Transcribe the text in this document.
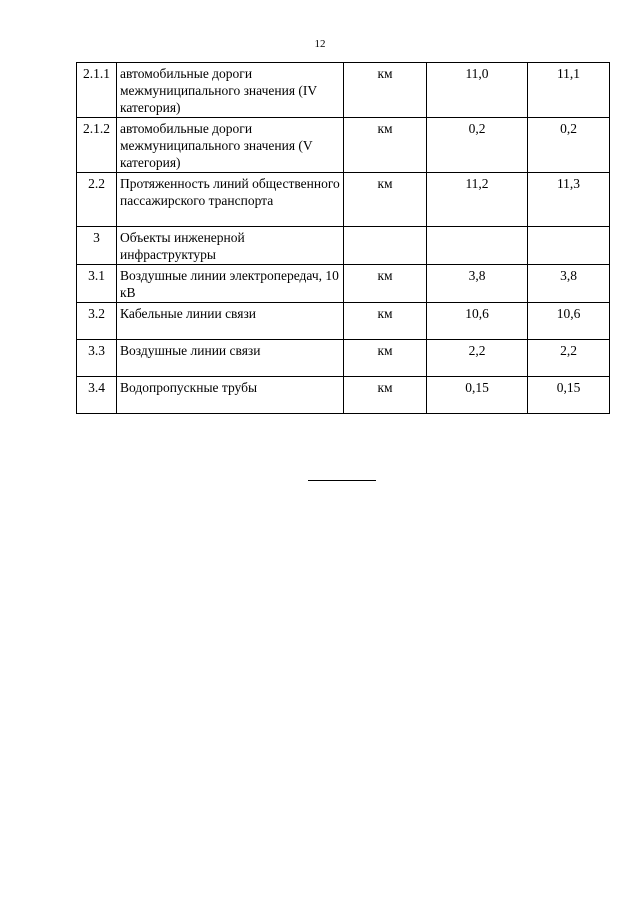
12
2.1.1	автомобильные дороги межмуниципального значения (IV категория)	км	11,0	11,1
2.1.2	автомобильные дороги межмуниципального значения (V категория)	км	0,2	0,2
2.2	Протяженность линий общественного пассажирского транспорта	км	11,2	11,3
3	Объекты инженерной инфраструктуры			
3.1	Воздушные линии электропередач, 10 кВ	км	3,8	3,8
3.2	Кабельные линии связи	км	10,6	10,6
3.3	Воздушные линии связи	км	2,2	2,2
3.4	Водопропускные трубы	км	0,15	0,15
